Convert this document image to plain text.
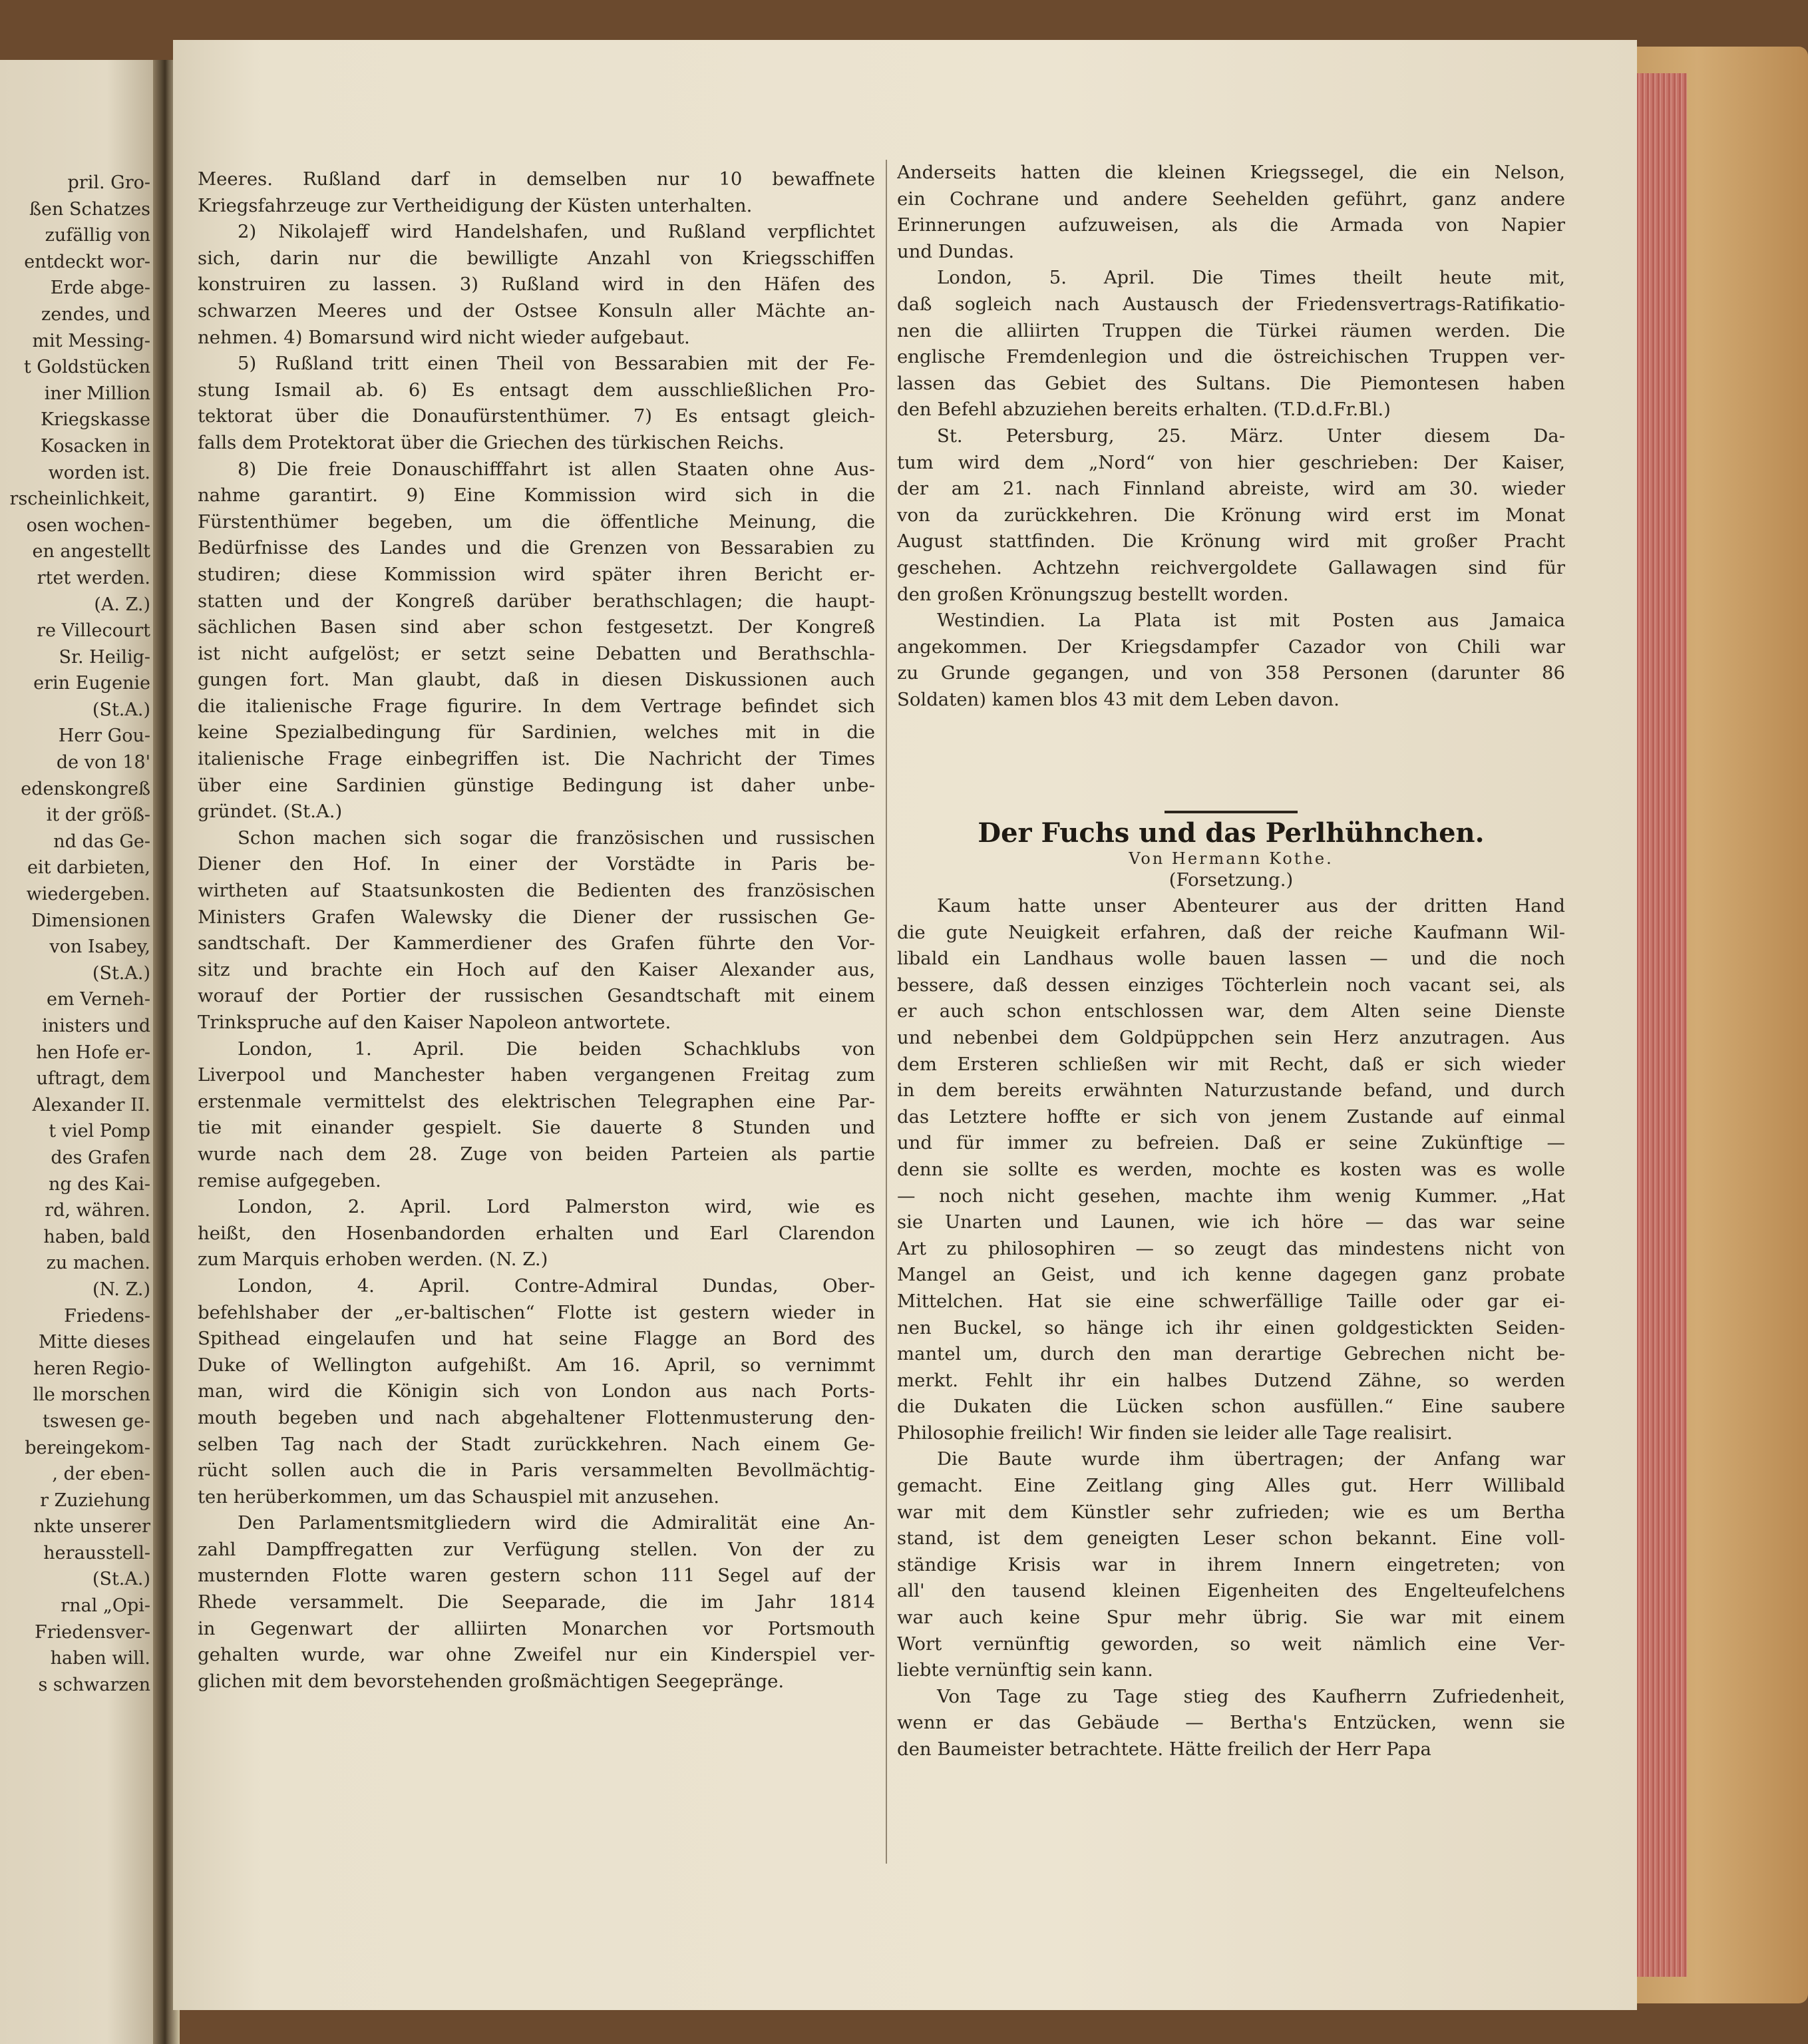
pril. Gro-
ßen Schatzes
zufällig von
entdeckt wor-
Erde abge-
zendes, und
mit Messing-
t Goldstücken
iner Million
Kriegskasse
Kosacken in
worden ist.
rscheinlichkeit,
osen wochen-
en angestellt
rtet werden.
(A. Z.)
re Villecourt
Sr. Heilig-
erin Eugenie
(St.A.)
Herr Gou-
de von 18'
edenskongreß
it der größ-
nd das Ge-
eit darbieten,
wiedergeben.
Dimensionen
von Isabey,
(St.A.)
em Verneh-
inisters und
hen Hofe er-
uftragt, dem
Alexander II.
t viel Pomp
des Grafen
ng des Kai-
rd, währen.
haben, bald
zu machen.
(N. Z.)
Friedens-
Mitte dieses
heren Regio-
lle morschen
tswesen ge-
bereingekom-
, der eben-
r Zuziehung
nkte unserer
herausstell-
(St.A.)
rnal „Opi-
Friedensver-
haben will.
s schwarzen
Meeres. Rußland darf in demselben nur 10 bewaffnete
Kriegsfahrzeuge zur Vertheidigung der Küsten unterhalten.
2) Nikolajeff wird Handelshafen, und Rußland verpflichtet
sich, darin nur die bewilligte Anzahl von Kriegsschiffen
konstruiren zu lassen. 3) Rußland wird in den Häfen des
schwarzen Meeres und der Ostsee Konsuln aller Mächte an-
nehmen. 4) Bomarsund wird nicht wieder aufgebaut.
5) Rußland tritt einen Theil von Bessarabien mit der Fe-
stung Ismail ab. 6) Es entsagt dem ausschließlichen Pro-
tektorat über die Donaufürstenthümer. 7) Es entsagt gleich-
falls dem Protektorat über die Griechen des türkischen Reichs.
8) Die freie Donauschifffahrt ist allen Staaten ohne Aus-
nahme garantirt. 9) Eine Kommission wird sich in die
Fürstenthümer begeben, um die öffentliche Meinung, die
Bedürfnisse des Landes und die Grenzen von Bessarabien zu
studiren; diese Kommission wird später ihren Bericht er-
statten und der Kongreß darüber berathschlagen; die haupt-
sächlichen Basen sind aber schon festgesetzt. Der Kongreß
ist nicht aufgelöst; er setzt seine Debatten und Berathschla-
gungen fort. Man glaubt, daß in diesen Diskussionen auch
die italienische Frage figurire. In dem Vertrage befindet sich
keine Spezialbedingung für Sardinien, welches mit in die
italienische Frage einbegriffen ist. Die Nachricht der Times
über eine Sardinien günstige Bedingung ist daher unbe-
gründet. (St.A.)
Schon machen sich sogar die französischen und russischen
Diener den Hof. In einer der Vorstädte in Paris be-
wirtheten auf Staatsunkosten die Bedienten des französischen
Ministers Grafen Walewsky die Diener der russischen Ge-
sandtschaft. Der Kammerdiener des Grafen führte den Vor-
sitz und brachte ein Hoch auf den Kaiser Alexander aus,
worauf der Portier der russischen Gesandtschaft mit einem
Trinkspruche auf den Kaiser Napoleon antwortete.
London, 1. April. Die beiden Schachklubs von
Liverpool und Manchester haben vergangenen Freitag zum
erstenmale vermittelst des elektrischen Telegraphen eine Par-
tie mit einander gespielt. Sie dauerte 8 Stunden und
wurde nach dem 28. Zuge von beiden Parteien als partie
remise aufgegeben.
London, 2. April. Lord Palmerston wird, wie es
heißt, den Hosenbandorden erhalten und Earl Clarendon
zum Marquis erhoben werden. (N. Z.)
London, 4. April. Contre-Admiral Dundas, Ober-
befehlshaber der „er-baltischen“ Flotte ist gestern wieder in
Spithead eingelaufen und hat seine Flagge an Bord des
Duke of Wellington aufgehißt. Am 16. April, so vernimmt
man, wird die Königin sich von London aus nach Ports-
mouth begeben und nach abgehaltener Flottenmusterung den-
selben Tag nach der Stadt zurückkehren. Nach einem Ge-
rücht sollen auch die in Paris versammelten Bevollmächtig-
ten herüberkommen, um das Schauspiel mit anzusehen.
Den Parlamentsmitgliedern wird die Admiralität eine An-
zahl Dampffregatten zur Verfügung stellen. Von der zu
musternden Flotte waren gestern schon 111 Segel auf der
Rhede versammelt. Die Seeparade, die im Jahr 1814
in Gegenwart der alliirten Monarchen vor Portsmouth
gehalten wurde, war ohne Zweifel nur ein Kinderspiel ver-
glichen mit dem bevorstehenden großmächtigen Seegepränge.
Anderseits hatten die kleinen Kriegssegel, die ein Nelson,
ein Cochrane und andere Seehelden geführt, ganz andere
Erinnerungen aufzuweisen, als die Armada von Napier
und Dundas.
London, 5. April. Die Times theilt heute mit,
daß sogleich nach Austausch der Friedensvertrags-Ratifikatio-
nen die alliirten Truppen die Türkei räumen werden. Die
englische Fremdenlegion und die östreichischen Truppen ver-
lassen das Gebiet des Sultans. Die Piemontesen haben
den Befehl abzuziehen bereits erhalten. (T.D.d.Fr.Bl.)
St. Petersburg, 25. März. Unter diesem Da-
tum wird dem „Nord“ von hier geschrieben: Der Kaiser,
der am 21. nach Finnland abreiste, wird am 30. wieder
von da zurückkehren. Die Krönung wird erst im Monat
August stattfinden. Die Krönung wird mit großer Pracht
geschehen. Achtzehn reichvergoldete Gallawagen sind für
den großen Krönungszug bestellt worden.
Westindien. La Plata ist mit Posten aus Jamaica
angekommen. Der Kriegsdampfer Cazador von Chili war
zu Grunde gegangen, und von 358 Personen (darunter 86
Soldaten) kamen blos 43 mit dem Leben davon.
Der Fuchs und das Perlhühnchen.
Von Hermann Kothe.
(Forsetzung.)
Kaum hatte unser Abenteurer aus der dritten Hand
die gute Neuigkeit erfahren, daß der reiche Kaufmann Wil-
libald ein Landhaus wolle bauen lassen — und die noch
bessere, daß dessen einziges Töchterlein noch vacant sei, als
er auch schon entschlossen war, dem Alten seine Dienste
und nebenbei dem Goldpüppchen sein Herz anzutragen. Aus
dem Ersteren schließen wir mit Recht, daß er sich wieder
in dem bereits erwähnten Naturzustande befand, und durch
das Letztere hoffte er sich von jenem Zustande auf einmal
und für immer zu befreien. Daß er seine Zukünftige —
denn sie sollte es werden, mochte es kosten was es wolle
— noch nicht gesehen, machte ihm wenig Kummer. „Hat
sie Unarten und Launen, wie ich höre — das war seine
Art zu philosophiren — so zeugt das mindestens nicht von
Mangel an Geist, und ich kenne dagegen ganz probate
Mittelchen. Hat sie eine schwerfällige Taille oder gar ei-
nen Buckel, so hänge ich ihr einen goldgestickten Seiden-
mantel um, durch den man derartige Gebrechen nicht be-
merkt. Fehlt ihr ein halbes Dutzend Zähne, so werden
die Dukaten die Lücken schon ausfüllen.“ Eine saubere
Philosophie freilich! Wir finden sie leider alle Tage realisirt.
Die Baute wurde ihm übertragen; der Anfang war
gemacht. Eine Zeitlang ging Alles gut. Herr Willibald
war mit dem Künstler sehr zufrieden; wie es um Bertha
stand, ist dem geneigten Leser schon bekannt. Eine voll-
ständige Krisis war in ihrem Innern eingetreten; von
all' den tausend kleinen Eigenheiten des Engelteufelchens
war auch keine Spur mehr übrig. Sie war mit einem
Wort vernünftig geworden, so weit nämlich eine Ver-
liebte vernünftig sein kann.
Von Tage zu Tage stieg des Kaufherrn Zufriedenheit,
wenn er das Gebäude — Bertha's Entzücken, wenn sie
den Baumeister betrachtete. Hätte freilich der Herr Papa
